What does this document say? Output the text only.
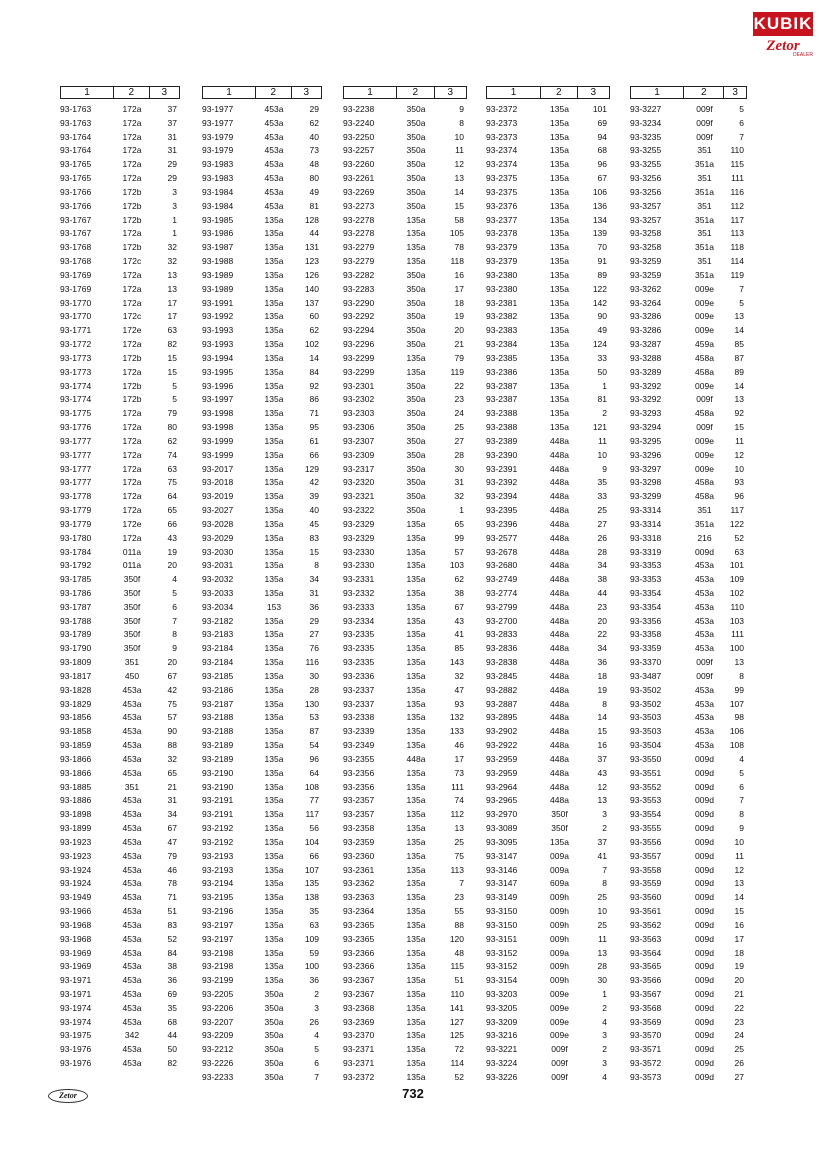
KUBIK
Zetor
DEALER
1	2	3
93-1763	172a	37
93-1763	172a	37
93-1764	172a	31
93-1764	172a	31
93-1765	172a	29
93-1765	172a	29
93-1766	172b	3
93-1766	172b	3
93-1767	172b	1
93-1767	172a	1
93-1768	172b	32
93-1768	172c	32
93-1769	172a	13
93-1769	172a	13
93-1770	172a	17
93-1770	172c	17
93-1771	172e	63
93-1772	172a	82
93-1773	172b	15
93-1773	172a	15
93-1774	172b	5
93-1774	172b	5
93-1775	172a	79
93-1776	172a	80
93-1777	172a	62
93-1777	172a	74
93-1777	172a	63
93-1777	172a	75
93-1778	172a	64
93-1779	172a	65
93-1779	172e	66
93-1780	172a	43
93-1784	011a	19
93-1792	011a	20
93-1785	350f	4
93-1786	350f	5
93-1787	350f	6
93-1788	350f	7
93-1789	350f	8
93-1790	350f	9
93-1809	351	20
93-1817	450	67
93-1828	453a	42
93-1829	453a	75
93-1856	453a	57
93-1858	453a	90
93-1859	453a	88
93-1866	453a	32
93-1866	453a	65
93-1885	351	21
93-1886	453a	31
93-1898	453a	34
93-1899	453a	67
93-1923	453a	47
93-1923	453a	79
93-1924	453a	46
93-1924	453a	78
93-1949	453a	71
93-1966	453a	51
93-1968	453a	83
93-1968	453a	52
93-1969	453a	84
93-1969	453a	38
93-1971	453a	36
93-1971	453a	69
93-1974	453a	35
93-1974	453a	68
93-1975	342	44
93-1976	453a	50
93-1976	453a	82
1	2	3
93-1977	453a	29
93-1977	453a	62
93-1979	453a	40
93-1979	453a	73
93-1983	453a	48
93-1983	453a	80
93-1984	453a	49
93-1984	453a	81
93-1985	135a	128
93-1986	135a	44
93-1987	135a	131
93-1988	135a	123
93-1989	135a	126
93-1989	135a	140
93-1991	135a	137
93-1992	135a	60
93-1993	135a	62
93-1993	135a	102
93-1994	135a	14
93-1995	135a	84
93-1996	135a	92
93-1997	135a	86
93-1998	135a	71
93-1998	135a	95
93-1999	135a	61
93-1999	135a	66
93-2017	135a	129
93-2018	135a	42
93-2019	135a	39
93-2027	135a	40
93-2028	135a	45
93-2029	135a	83
93-2030	135a	15
93-2031	135a	8
93-2032	135a	34
93-2033	135a	31
93-2034	153	36
93-2182	135a	29
93-2183	135a	27
93-2184	135a	76
93-2184	135a	116
93-2185	135a	30
93-2186	135a	28
93-2187	135a	130
93-2188	135a	53
93-2188	135a	87
93-2189	135a	54
93-2189	135a	96
93-2190	135a	64
93-2190	135a	108
93-2191	135a	77
93-2191	135a	117
93-2192	135a	56
93-2192	135a	104
93-2193	135a	66
93-2193	135a	107
93-2194	135a	135
93-2195	135a	138
93-2196	135a	35
93-2197	135a	63
93-2197	135a	109
93-2198	135a	59
93-2198	135a	100
93-2199	135a	36
93-2205	350a	2
93-2206	350a	3
93-2207	350a	26
93-2209	350a	4
93-2212	350a	5
93-2226	350a	6
93-2233	350a	7
1	2	3
93-2238	350a	9
93-2240	350a	8
93-2250	350a	10
93-2257	350a	11
93-2260	350a	12
93-2261	350a	13
93-2269	350a	14
93-2273	350a	15
93-2278	135a	58
93-2278	135a	105
93-2279	135a	78
93-2279	135a	118
93-2282	350a	16
93-2283	350a	17
93-2290	350a	18
93-2292	350a	19
93-2294	350a	20
93-2296	350a	21
93-2299	135a	79
93-2299	135a	119
93-2301	350a	22
93-2302	350a	23
93-2303	350a	24
93-2306	350a	25
93-2307	350a	27
93-2309	350a	28
93-2317	350a	30
93-2320	350a	31
93-2321	350a	32
93-2322	350a	1
93-2329	135a	65
93-2329	135a	99
93-2330	135a	57
93-2330	135a	103
93-2331	135a	62
93-2332	135a	38
93-2333	135a	67
93-2334	135a	43
93-2335	135a	41
93-2335	135a	85
93-2335	135a	143
93-2336	135a	32
93-2337	135a	47
93-2337	135a	93
93-2338	135a	132
93-2339	135a	133
93-2349	135a	46
93-2355	448a	17
93-2356	135a	73
93-2356	135a	111
93-2357	135a	74
93-2357	135a	112
93-2358	135a	13
93-2359	135a	25
93-2360	135a	75
93-2361	135a	113
93-2362	135a	7
93-2363	135a	23
93-2364	135a	55
93-2365	135a	88
93-2365	135a	120
93-2366	135a	48
93-2366	135a	115
93-2367	135a	51
93-2367	135a	110
93-2368	135a	141
93-2369	135a	127
93-2370	135a	125
93-2371	135a	72
93-2371	135a	114
93-2372	135a	52
1	2	3
93-2372	135a	101
93-2373	135a	69
93-2373	135a	94
93-2374	135a	68
93-2374	135a	96
93-2375	135a	67
93-2375	135a	106
93-2376	135a	136
93-2377	135a	134
93-2378	135a	139
93-2379	135a	70
93-2379	135a	91
93-2380	135a	89
93-2380	135a	122
93-2381	135a	142
93-2382	135a	90
93-2383	135a	49
93-2384	135a	124
93-2385	135a	33
93-2386	135a	50
93-2387	135a	1
93-2387	135a	81
93-2388	135a	2
93-2388	135a	121
93-2389	448a	11
93-2390	448a	10
93-2391	448a	9
93-2392	448a	35
93-2394	448a	33
93-2395	448a	25
93-2396	448a	27
93-2577	448a	26
93-2678	448a	28
93-2680	448a	34
93-2749	448a	38
93-2774	448a	44
93-2799	448a	23
93-2700	448a	20
93-2833	448a	22
93-2836	448a	34
93-2838	448a	36
93-2845	448a	18
93-2882	448a	19
93-2887	448a	8
93-2895	448a	14
93-2902	448a	15
93-2922	448a	16
93-2959	448a	37
93-2959	448a	43
93-2964	448a	12
93-2965	448a	13
93-2970	350f	3
93-3089	350f	2
93-3095	135a	37
93-3147	009a	41
93-3146	009a	7
93-3147	609a	8
93-3149	009h	25
93-3150	009h	10
93-3150	009h	25
93-3151	009h	11
93-3152	009a	13
93-3152	009h	28
93-3154	009h	30
93-3203	009e	1
93-3205	009e	2
93-3209	009e	4
93-3216	009e	3
93-3221	009f	2
93-3224	009f	3
93-3226	009f	4
1	2	3
93-3227	009f	5
93-3234	009f	6
93-3235	009f	7
93-3255	351	110
93-3255	351a	115
93-3256	351	111
93-3256	351a	116
93-3257	351	112
93-3257	351a	117
93-3258	351	113
93-3258	351a	118
93-3259	351	114
93-3259	351a	119
93-3262	009e	7
93-3264	009e	5
93-3286	009e	13
93-3286	009e	14
93-3287	459a	85
93-3288	458a	87
93-3289	458a	89
93-3292	009e	14
93-3292	009f	13
93-3293	458a	92
93-3294	009f	15
93-3295	009e	11
93-3296	009e	12
93-3297	009e	10
93-3298	458a	93
93-3299	458a	96
93-3314	351	117
93-3314	351a	122
93-3318	216	52
93-3319	009d	63
93-3353	453a	101
93-3353	453a	109
93-3354	453a	102
93-3354	453a	110
93-3356	453a	103
93-3358	453a	111
93-3359	453a	100
93-3370	009f	13
93-3487	009f	8
93-3502	453a	99
93-3502	453a	107
93-3503	453a	98
93-3503	453a	106
93-3504	453a	108
93-3550	009d	4
93-3551	009d	5
93-3552	009d	6
93-3553	009d	7
93-3554	009d	8
93-3555	009d	9
93-3556	009d	10
93-3557	009d	11
93-3558	009d	12
93-3559	009d	13
93-3560	009d	14
93-3561	009d	15
93-3562	009d	16
93-3563	009d	17
93-3564	009d	18
93-3565	009d	19
93-3566	009d	20
93-3567	009d	21
93-3568	009d	22
93-3569	009d	23
93-3570	009d	24
93-3571	009d	25
93-3572	009d	26
93-3573	009d	27
Zetor	732
